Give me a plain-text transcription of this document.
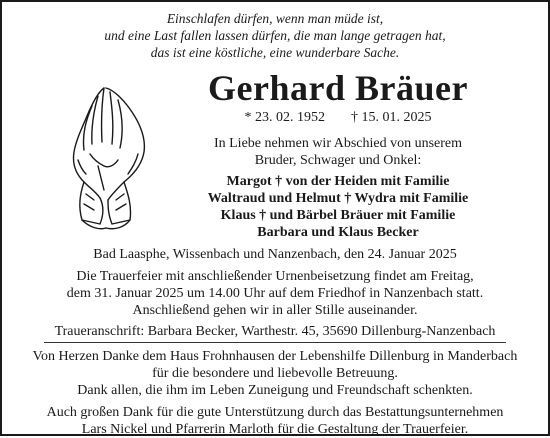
Einschlafen dürfen, wenn man müde ist,
und eine Last fallen lassen dürfen, die man lange getragen hat,
das ist eine köstliche, eine wunderbare Sache.
Gerhard Bräuer
* 23. 02. 1952 † 15. 01. 2025
In Liebe nehmen wir Abschied von unserem
Bruder, Schwager und Onkel:
Margot † von der Heiden mit Familie
Waltraud und Helmut † Wydra mit Familie
Klaus † und Bärbel Bräuer mit Familie
Barbara und Klaus Becker
Bad Laasphe, Wissenbach und Nanzenbach, den 24. Januar 2025
Die Trauerfeier mit anschließender Urnenbeisetzung findet am Freitag,
dem 31. Januar 2025 um 14.00 Uhr auf dem Friedhof in Nanzenbach statt.
Anschließend gehen wir in aller Stille auseinander.
Traueranschrift: Barbara Becker, Warthestr. 45, 35690 Dillenburg-Nanzenbach
Von Herzen Danke dem Haus Frohnhausen der Lebenshilfe Dillenburg in Manderbach
für die besondere und liebevolle Betreuung.
Dank allen, die ihm im Leben Zuneigung und Freundschaft schenkten.
Auch großen Dank für die gute Unterstützung durch das Bestattungsunternehmen
Lars Nickel und Pfarrerin Marloth für die Gestaltung der Trauerfeier.
